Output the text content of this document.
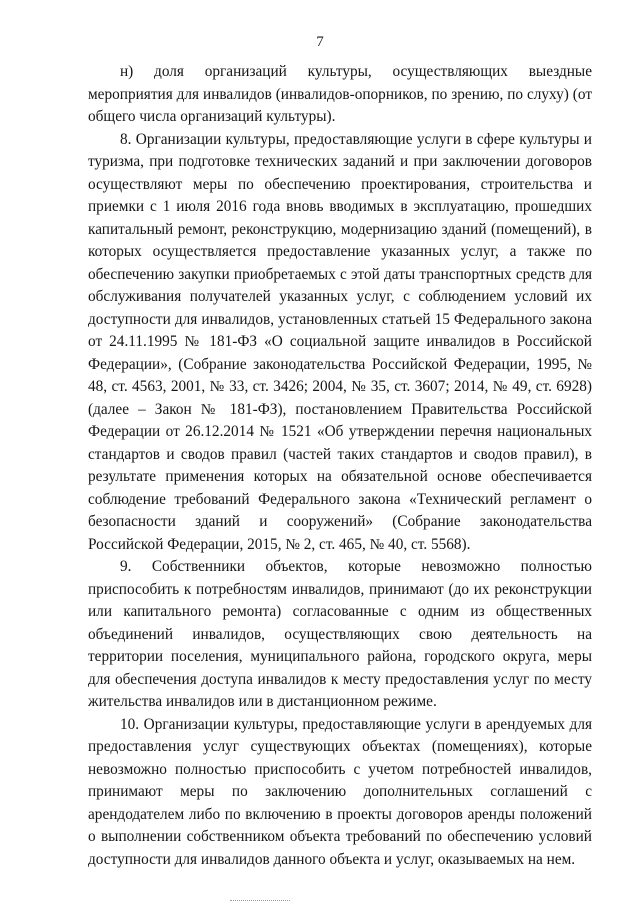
7

н) доля организаций культуры, осуществляющих выездные мероприятия для инвалидов (инвалидов-опорников, по зрению, по слуху) (от общего числа организаций культуры).

8. Организации культуры, предоставляющие услуги в сфере культуры и туризма, при подготовке технических заданий и при заключении договоров осуществляют меры по обеспечению проектирования, строительства и приемки с 1 июля 2016 года вновь вводимых в эксплуатацию, прошедших капитальный ремонт, реконструкцию, модернизацию зданий (помещений), в которых осуществляется предоставление указанных услуг, а также по обеспечению закупки приобретаемых с этой даты транспортных средств для обслуживания получателей указанных услуг, с соблюдением условий их доступности для инвалидов, установленных статьей 15 Федерального закона от 24.11.1995 № 181-ФЗ «О социальной защите инвалидов в Российской Федерации», (Собрание законодательства Российской Федерации, 1995, № 48, ст. 4563, 2001, № 33, ст. 3426; 2004, № 35, ст. 3607; 2014, № 49, ст. 6928) (далее – Закон № 181-ФЗ), постановлением Правительства Российской Федерации от 26.12.2014 № 1521 «Об утверждении перечня национальных стандартов и сводов правил (частей таких стандартов и сводов правил), в результате применения которых на обязательной основе обеспечивается соблюдение требований Федерального закона «Технический регламент о безопасности зданий и сооружений» (Собрание законодательства Российской Федерации, 2015, № 2, ст. 465, № 40, ст. 5568).

9. Собственники объектов, которые невозможно полностью приспособить к потребностям инвалидов, принимают (до их реконструкции или капитального ремонта) согласованные с одним из общественных объединений инвалидов, осуществляющих свою деятельность на территории поселения, муниципального района, городского округа, меры для обеспечения доступа инвалидов к месту предоставления услуг по месту жительства инвалидов или в дистанционном режиме.

10. Организации культуры, предоставляющие услуги в арендуемых для предоставления услуг существующих объектах (помещениях), которые невозможно полностью приспособить с учетом потребностей инвалидов, принимают меры по заключению дополнительных соглашений с арендодателем либо по включению в проекты договоров аренды положений о выполнении собственником объекта требований по обеспечению условий доступности для инвалидов данного объекта и услуг, оказываемых на нем.
